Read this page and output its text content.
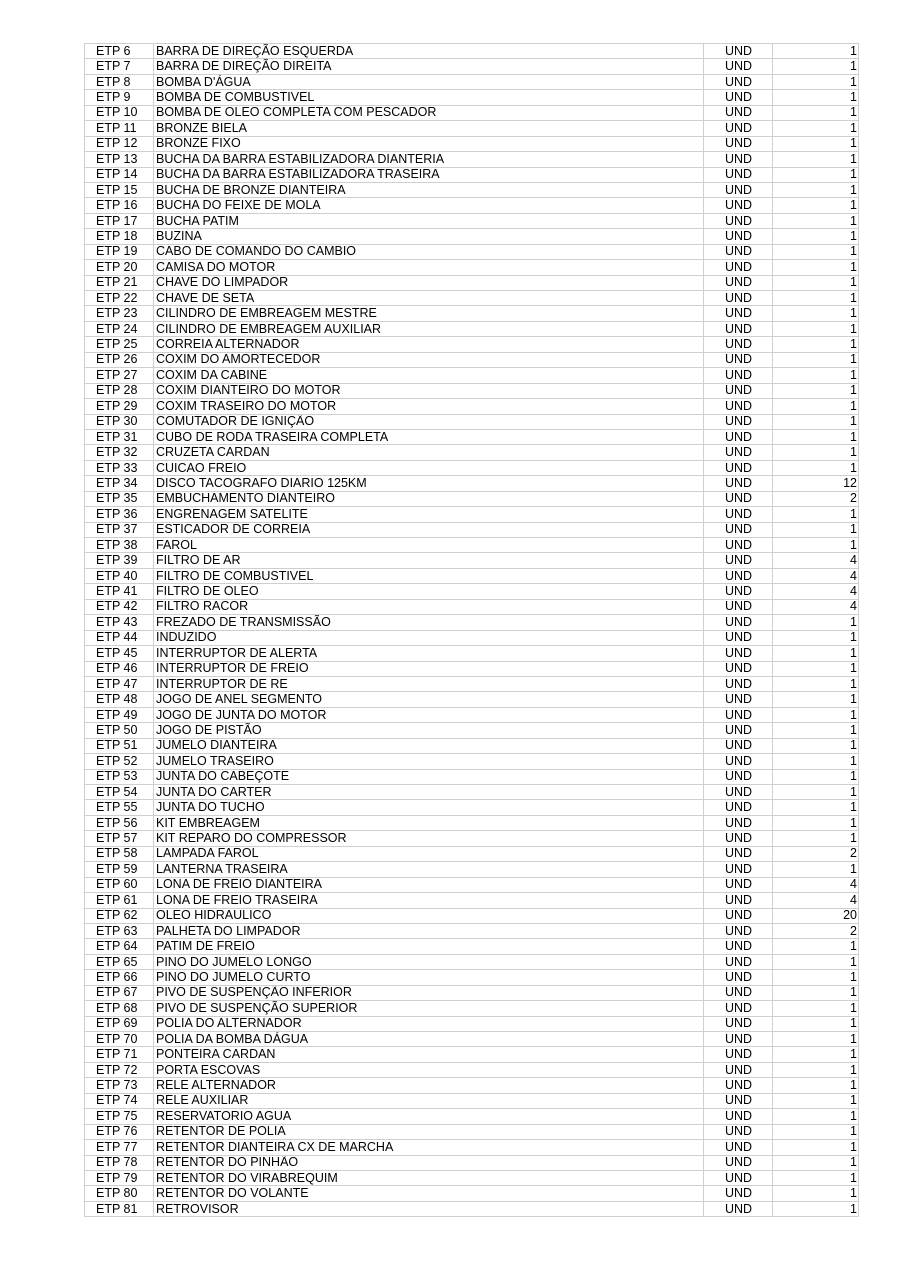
ETP 6	BARRA DE DIREÇÃO ESQUERDA	UND	1
ETP 7	BARRA DE DIREÇÃO DIREITA	UND	1
ETP 8	BOMBA D'ÁGUA	UND	1
ETP 9	BOMBA DE COMBUSTIVEL	UND	1
ETP 10	BOMBA DE OLEO COMPLETA COM PESCADOR	UND	1
ETP 11	BRONZE BIELA	UND	1
ETP 12	BRONZE FIXO	UND	1
ETP 13	BUCHA DA BARRA ESTABILIZADORA DIANTERIA	UND	1
ETP 14	BUCHA DA BARRA ESTABILIZADORA TRASEIRA	UND	1
ETP 15	BUCHA DE BRONZE DIANTEIRA	UND	1
ETP 16	BUCHA DO FEIXE DE MOLA	UND	1
ETP 17	BUCHA PATIM	UND	1
ETP 18	BUZINA	UND	1
ETP 19	CABO DE COMANDO DO CAMBIO	UND	1
ETP 20	CAMISA DO MOTOR	UND	1
ETP 21	CHAVE DO LIMPADOR	UND	1
ETP 22	CHAVE DE SETA	UND	1
ETP 23	CILINDRO DE EMBREAGEM MESTRE	UND	1
ETP 24	CILINDRO DE EMBREAGEM AUXILIAR	UND	1
ETP 25	CORREIA ALTERNADOR	UND	1
ETP 26	COXIM DO AMORTECEDOR	UND	1
ETP 27	COXIM DA CABINE	UND	1
ETP 28	COXIM DIANTEIRO DO MOTOR	UND	1
ETP 29	COXIM TRASEIRO DO MOTOR	UND	1
ETP 30	COMUTADOR DE IGNIÇÃO	UND	1
ETP 31	CUBO DE RODA TRASEIRA COMPLETA	UND	1
ETP 32	CRUZETA CARDAN	UND	1
ETP 33	CUICAO FREIO	UND	1
ETP 34	DISCO TACOGRAFO DIARIO 125KM	UND	12
ETP 35	EMBUCHAMENTO DIANTEIRO	UND	2
ETP 36	ENGRENAGEM SATELITE	UND	1
ETP 37	ESTICADOR DE CORREIA	UND	1
ETP 38	FAROL	UND	1
ETP 39	FILTRO DE AR	UND	4
ETP 40	FILTRO DE COMBUSTIVEL	UND	4
ETP 41	FILTRO DE OLEO	UND	4
ETP 42	FILTRO RACOR	UND	4
ETP 43	FREZADO DE TRANSMISSÃO	UND	1
ETP 44	INDUZIDO	UND	1
ETP 45	INTERRUPTOR DE ALERTA	UND	1
ETP 46	INTERRUPTOR DE FREIO	UND	1
ETP 47	INTERRUPTOR DE RE	UND	1
ETP 48	JOGO DE ANEL SEGMENTO	UND	1
ETP 49	JOGO DE JUNTA DO MOTOR	UND	1
ETP 50	JOGO DE PISTÃO	UND	1
ETP 51	JUMELO DIANTEIRA	UND	1
ETP 52	JUMELO TRASEIRO	UND	1
ETP 53	JUNTA DO CABEÇOTE	UND	1
ETP 54	JUNTA DO CARTER	UND	1
ETP 55	JUNTA DO TUCHO	UND	1
ETP 56	KIT EMBREAGEM	UND	1
ETP 57	KIT REPARO DO COMPRESSOR	UND	1
ETP 58	LAMPADA FAROL	UND	2
ETP 59	LANTERNA TRASEIRA	UND	1
ETP 60	LONA DE FREIO DIANTEIRA	UND	4
ETP 61	LONA DE FREIO TRASEIRA	UND	4
ETP 62	OLEO HIDRAULICO	UND	20
ETP 63	PALHETA DO LIMPADOR	UND	2
ETP 64	PATIM DE FREIO	UND	1
ETP 65	PINO DO JUMELO LONGO	UND	1
ETP 66	PINO DO JUMELO CURTO	UND	1
ETP 67	PIVO DE SUSPENÇÃO INFERIOR	UND	1
ETP 68	PIVO DE SUSPENÇÃO SUPERIOR	UND	1
ETP 69	POLIA DO ALTERNADOR	UND	1
ETP 70	POLIA DA BOMBA DÁGUA	UND	1
ETP 71	PONTEIRA CARDAN	UND	1
ETP 72	PORTA ESCOVAS	UND	1
ETP 73	RELE ALTERNADOR	UND	1
ETP 74	RELE AUXILIAR	UND	1
ETP 75	RESERVATORIO AGUA	UND	1
ETP 76	RETENTOR DE POLIA	UND	1
ETP 77	RETENTOR DIANTEIRA CX DE MARCHA	UND	1
ETP 78	RETENTOR DO PINHÃO	UND	1
ETP 79	RETENTOR DO VIRABREQUIM	UND	1
ETP 80	RETENTOR DO VOLANTE	UND	1
ETP 81	RETROVISOR	UND	1
